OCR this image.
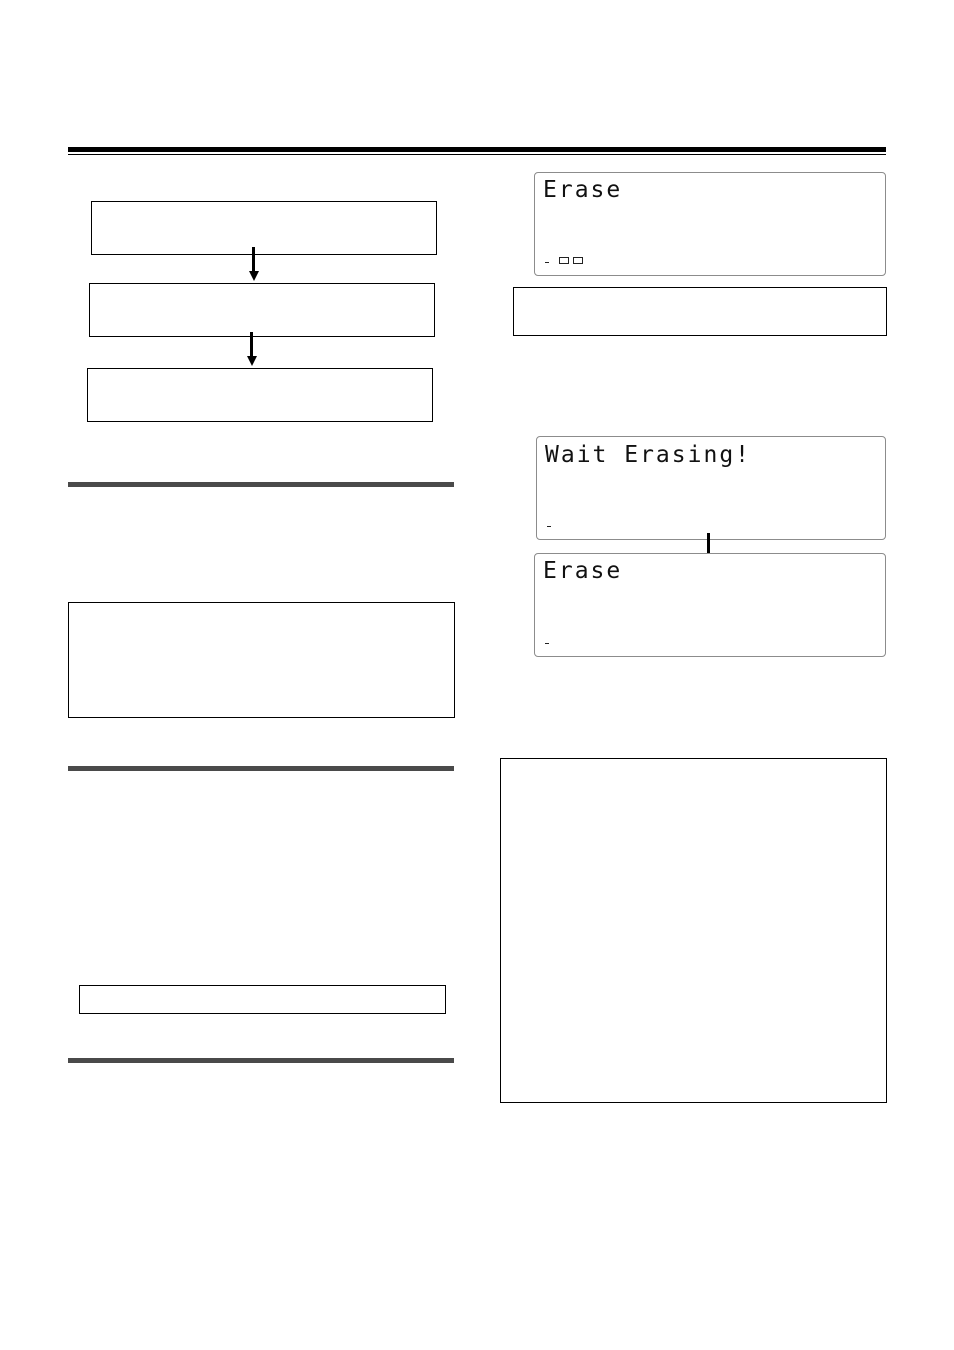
Erase
Wait Erasing!
Erase
